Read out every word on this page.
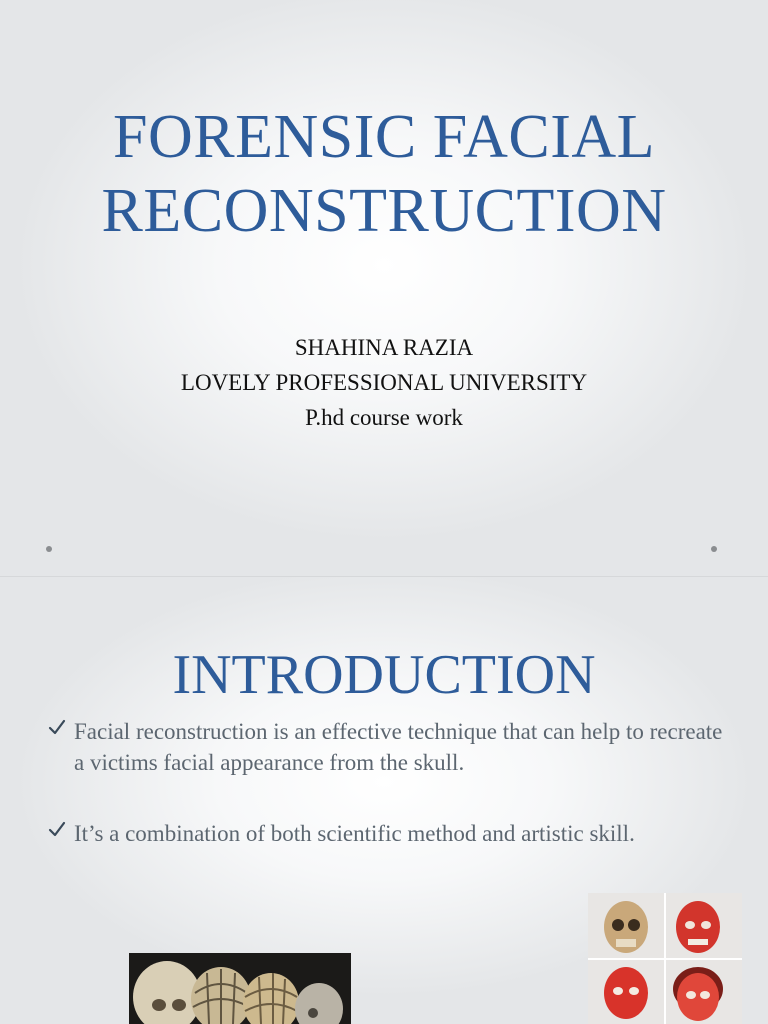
FORENSIC FACIAL
RECONSTRUCTION
SHAHINA RAZIA
LOVELY PROFESSIONAL UNIVERSITY
P.hd course work
INTRODUCTION
Facial reconstruction is an effective technique that can help to recreate a victims facial appearance from the skull.
It’s a combination of both scientific method and artistic skill.
